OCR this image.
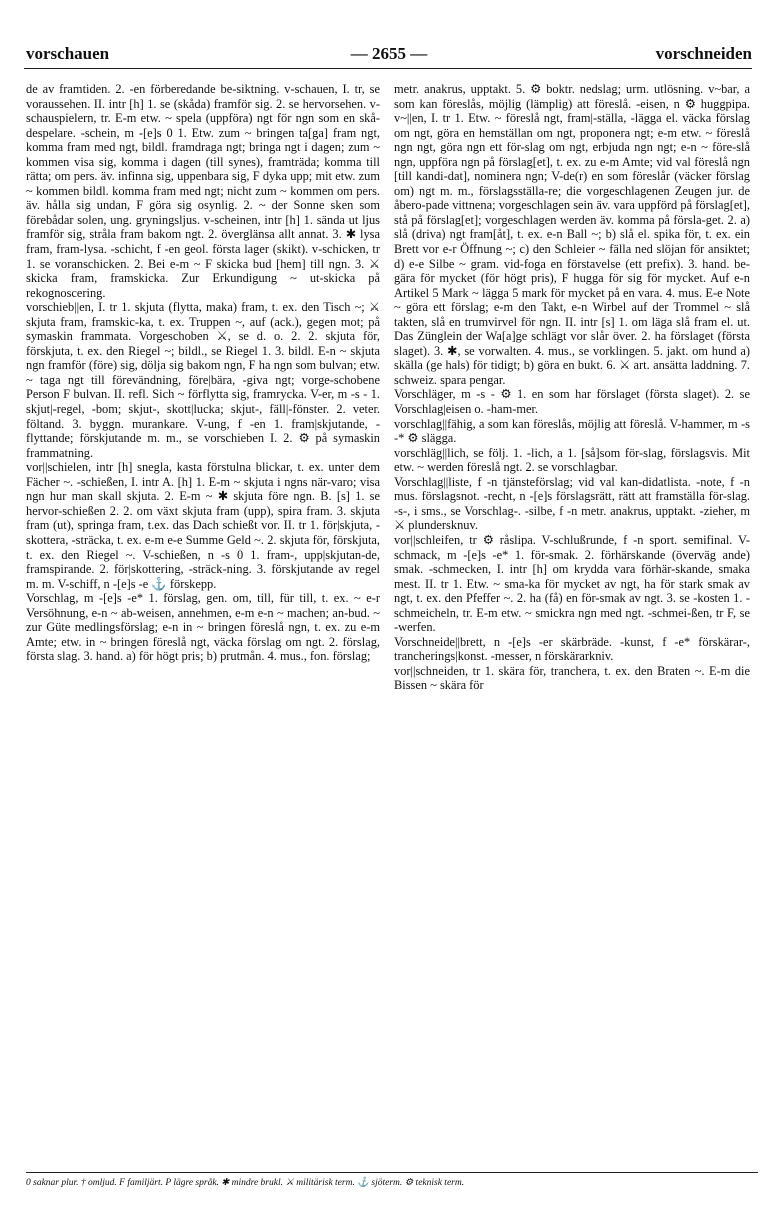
vorschauen	— 2655 —	vorschneiden

de av framtiden. 2. -en förberedande be-siktning. v-schauen, I. tr, se voraussehen. II. intr [h] 1. se (skåda) framför sig. 2. se hervorsehen. v-schauspielern, tr. E-m etw. ~ spela (uppföra) ngt för ngn som en skå-despelare. -schein, m -[e]s 0 1. Etw. zum ~ bringen ta[ga] fram ngt, komma fram med ngt, bildl. framdraga ngt; bringa ngt i dagen; zum ~ kommen visa sig, komma i dagen (till synes), framträda; komma till rätta; om pers. äv. infinna sig, uppenbara sig, F dyka upp; mit etw. zum ~ kommen bildl. komma fram med ngt; nicht zum ~ kommen om pers. äv. hålla sig undan, F göra sig osynlig. 2. ~ der Sonne sken som förebådar solen, ung. gryningsljus. v-scheinen, intr [h] 1. sända ut ljus framför sig, stråla fram bakom ngt. 2. överglänsa allt annat. 3. ✱ lysa fram, fram-lysa. -schicht, f -en geol. första lager (skikt). v-schicken, tr 1. se voranschicken. 2. Bei e-m ~ F skicka bud [hem] till ngn. 3. ⚔ skicka fram, framskicka. Zur Erkundigung ~ ut-skicka på rekognoscering.

vorschieb||en, I. tr 1. skjuta (flytta, maka) fram, t. ex. den Tisch ~; ⚔ skjuta fram, framskic-ka, t. ex. Truppen ~, auf (ack.), gegen mot; på symaskin frammata. Vorgeschoben ⚔, se d. o. 2. 2. skjuta för, förskjuta, t. ex. den Riegel ~; bildl., se Riegel 1. 3. bildl. E-n ~ skjuta ngn framför (före) sig, dölja sig bakom ngn, F ha ngn som bulvan; etw. ~ taga ngt till förevändning, före|bära, -giva ngt; vorge-schobene Person F bulvan. II. refl. Sich ~ förflytta sig, framrycka. V-er, m -s - 1. skjut|-regel, -bom; skjut-, skott|lucka; skjut-, fäll|-fönster. 2. veter. föltand. 3. byggn. murankare. V-ung, f -en 1. fram|skjutande, -flyttande; förskjutande m. m., se vorschieben I. 2. ⚙ på symaskin frammatning.

vor||schielen, intr [h] snegla, kasta förstulna blickar, t. ex. unter dem Fächer ~. -schießen, I. intr A. [h] 1. E-m ~ skjuta i ngns när-varo; visa ngn hur man skall skjuta. 2. E-m ~ ✱ skjuta före ngn. B. [s] 1. se hervor-schießen 2. 2. om växt skjuta fram (upp), spira fram. 3. skjuta fram (ut), springa fram, t.ex. das Dach schießt vor. II. tr 1. för|skjuta, -skottera, -sträcka, t. ex. e-m e-e Summe Geld ~. 2. skjuta för, förskjuta, t. ex. den Riegel ~. V-schießen, n -s 0 1. fram-, upp|skjutan-de, framspirande. 2. för|skottering, -sträck-ning. 3. förskjutande av regel m. m. V-schiff, n -[e]s -e ⚓ förskepp.

Vorschlag, m -[e]s -e* 1. förslag, gen. om, till, für till, t. ex. ~ e-r Versöhnung, e-n ~ ab-weisen, annehmen, e-m e-n ~ machen; an-bud. ~ zur Güte medlingsförslag; e-n in ~ bringen föreslå ngn, t. ex. zu e-m Amte; etw. in ~ bringen föreslå ngt, väcka förslag om ngt. 2. förslag, första slag. 3. hand. a) för högt pris; b) prutmån. 4. mus., fon. förslag;

metr. anakrus, upptakt. 5. ⚙ boktr. nedslag; urm. utlösning. v~bar, a som kan föreslås, möjlig (lämplig) att föreslå. -eisen, n ⚙ huggpipa. v~||en, I. tr 1. Etw. ~ föreslå ngt, fram|-ställa, -lägga el. väcka förslag om ngt, göra en hemställan om ngt, proponera ngt; e-m etw. ~ föreslå ngn ngt, göra ngn ett för-slag om ngt, erbjuda ngn ngt; e-n ~ före-slå ngn, uppföra ngn på förslag[et], t. ex. zu e-m Amte; vid val föreslå ngn [till kandi-dat], nominera ngn; V-de(r) en som föreslår (väcker förslag om) ngt m. m., förslagsställa-re; die vorgeschlagenen Zeugen jur. de åbero-pade vittnena; vorgeschlagen sein äv. vara uppförd på förslag[et], stå på förslag[et]; vorgeschlagen werden äv. komma på försla-get. 2. a) slå (driva) ngt fram[åt], t. ex. e-n Ball ~; b) slå el. spika för, t. ex. ein Brett vor e-r Öffnung ~; c) den Schleier ~ fälla ned slöjan för ansiktet; d) e-e Silbe ~ gram. vid-foga en förstavelse (ett prefix). 3. hand. be-gära för mycket (för högt pris), F hugga för sig för mycket. Auf e-n Artikel 5 Mark ~ lägga 5 mark för mycket på en vara. 4. mus. E-e Note ~ göra ett förslag; e-m den Takt, e-n Wirbel auf der Trommel ~ slå takten, slå en trumvirvel för ngn. II. intr [s] 1. om läga slå fram el. ut. Das Zünglein der Wa[a]ge schlägt vor slår över. 2. ha förslaget (första slaget). 3. ✱, se vorwalten. 4. mus., se vorklingen. 5. jakt. om hund a) skälla (ge hals) för tidigt; b) göra en bukt. 6. ⚔ art. ansätta laddning. 7. schweiz. spara pengar.

Vorschläger, m -s - ⚙ 1. en som har förslaget (första slaget). 2. se Vorschlag|eisen o. -ham-mer.

vorschlag||fähig, a som kan föreslås, möjlig att föreslå. V-hammer, m -s -* ⚙ slägga.

vorschläg||lich, se följ. 1. -lich, a 1. [så]som för-slag, förslagsvis. Mit etw. ~ werden föreslå ngt. 2. se vorschlagbar.

Vorschlag||liste, f -n tjänsteförslag; vid val kan-didatlista. -note, f -n mus. förslagsnot. -recht, n -[e]s förslagsrätt, rätt att framställa för-slag. -s-, i sms., se Vorschlag-. -silbe, f -n metr. anakrus, upptakt. -zieher, m ⚔ plundersknuv.

vor||schleifen, tr ⚙ råslipa. V-schlußrunde, f -n sport. semifinal. V-schmack, m -[e]s -e* 1. för-smak. 2. förhärskande (överväg ande) smak. -schmecken, I. intr [h] om krydda vara förhär-skande, smaka mest. II. tr 1. Etw. ~ sma-ka för mycket av ngt, ha för stark smak av ngt, t. ex. den Pfeffer ~. 2. ha (få) en för-smak av ngt. 3. se -kosten 1. -schmeicheln, tr. E-m etw. ~ smickra ngn med ngt. -schmei-ßen, tr F, se -werfen.

Vorschneide||brett, n -[e]s -er skärbräde. -kunst, f -e* förskärar-, trancherings|konst. -messer, n förskärarkniv.

vor||schneiden, tr 1. skära för, tranchera, t. ex. den Braten ~. E-m die Bissen ~ skära för

0 saknar plur. † omljud. F familjärt. P lägre språk. ✱ mindre brukl. ⚔ militärisk term. ⚓ sjöterm. ⚙ teknisk term.
